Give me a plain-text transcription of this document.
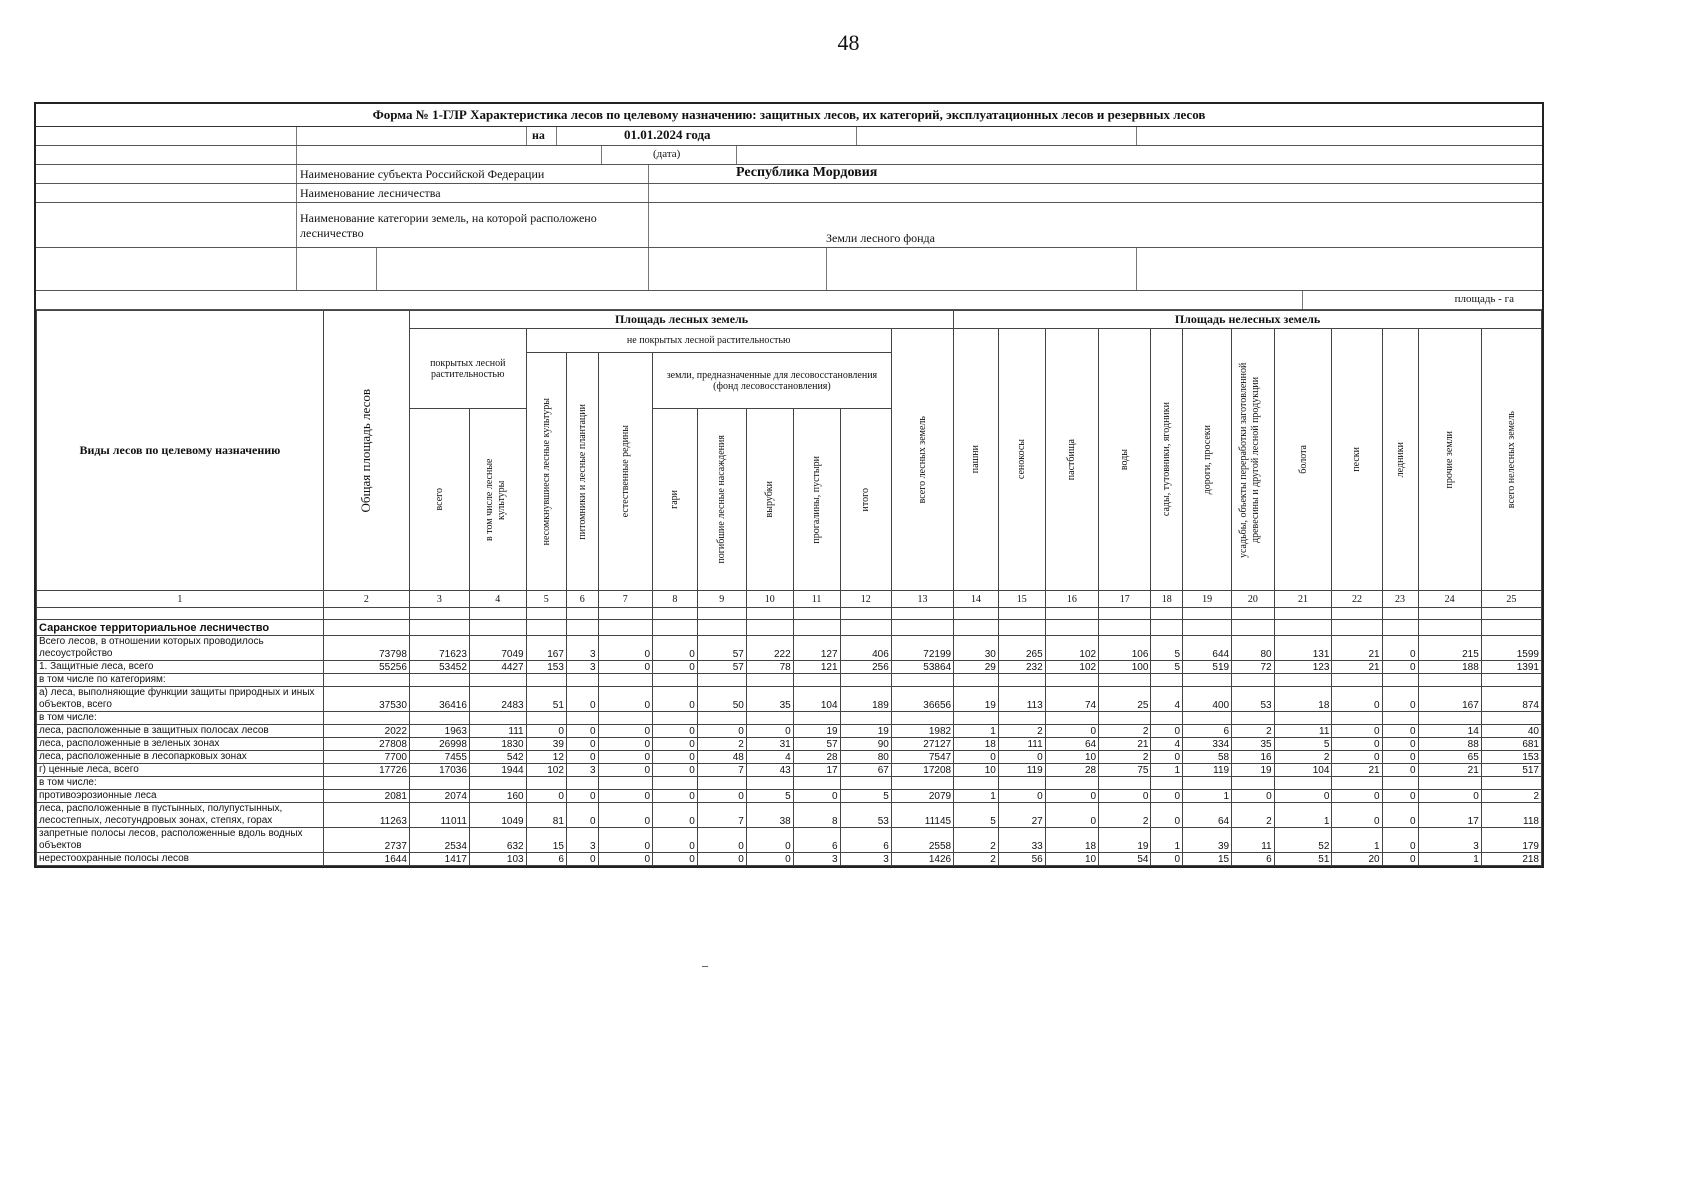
48
Форма № 1-ГЛР Характеристика лесов по целевому назначению: защитных лесов, их категорий, эксплуатационных лесов и резервных лесов
на	01.01.2024 года
(дата)
Наименование субъекта Российской Федерации	Республика Мордовия
Наименование лесничества
Наименование категории земель, на которой расположено лесничество	Земли лесного фонда
площадь - га
Виды лесов по целевому назначению	Общая площадь лесов	Площадь лесных земель											Площадь нелесных земель											
		покрытых лесной растительностью		не покрытых лесной растительностью								всего лесных земель	пашни	сенокосы	пастбища	воды	сады, тутовники, ягодники	дороги, просеки	усадьбы, объекты переработки заготовленной древесины и другой лесной продукции	болота	пески	ледники	прочие земли	всего нелесных земель

				несомкнувшиеся лесные культуры	питомники и лесные плантации	естественные редины	земли, предназначенные для лесовосстановления (фонд лесовосстановления)																	

		всего	в том числе лесные культуры				гари	погибшие лесные насаждения	вырубки	прогалины, пустыри	итого													

1	2	3	4	5	6	7	8	9	10	11	12	13	14	15	16	17	18	19	20	21	22	23	24	25

Саранское территориальное лесничество																								
Всего лесов, в отношении которых проводилось лесоустройство	73798	71623	7049	167	3	0	0	57	222	127	406	72199	30	265	102	106	5	644	80	131	21	0	215	1599
1. Защитные леса, всего	55256	53452	4427	153	3	0	0	57	78	121	256	53864	29	232	102	100	5	519	72	123	21	0	188	1391
в том числе по категориям:																								
а) леса, выполняющие функции защиты природных и иных объектов, всего	37530	36416	2483	51	0	0	0	50	35	104	189	36656	19	113	74	25	4	400	53	18	0	0	167	874
в том числе:																								
леса, расположенные в защитных полосах лесов	2022	1963	111	0	0	0	0	0	0	19	19	1982	1	2	0	2	0	6	2	11	0	0	14	40
леса, расположенные в зеленых зонах	27808	26998	1830	39	0	0	0	2	31	57	90	27127	18	111	64	21	4	334	35	5	0	0	88	681
леса, расположенные в лесопарковых зонах	7700	7455	542	12	0	0	0	48	4	28	80	7547	0	0	10	2	0	58	16	2	0	0	65	153
г) ценные леса, всего	17726	17036	1944	102	3	0	0	7	43	17	67	17208	10	119	28	75	1	119	19	104	21	0	21	517
в том числе:																								
противоэрозионные леса	2081	2074	160	0	0	0	0	0	5	0	5	2079	1	0	0	0	0	1	0	0	0	0	0	2
леса, расположенные в пустынных, полупустынных, лесостепных, лесотундровых зонах, степях, горах	11263	11011	1049	81	0	0	0	7	38	8	53	11145	5	27	0	2	0	64	2	1	0	0	17	118
запретные полосы лесов, расположенные вдоль водных объектов	2737	2534	632	15	3	0	0	0	0	6	6	2558	2	33	18	19	1	39	11	52	1	0	3	179
нерестоохранные полосы лесов	1644	1417	103	6	0	0	0	0	0	3	3	1426	2	56	10	54	0	15	6	51	20	0	1	218
